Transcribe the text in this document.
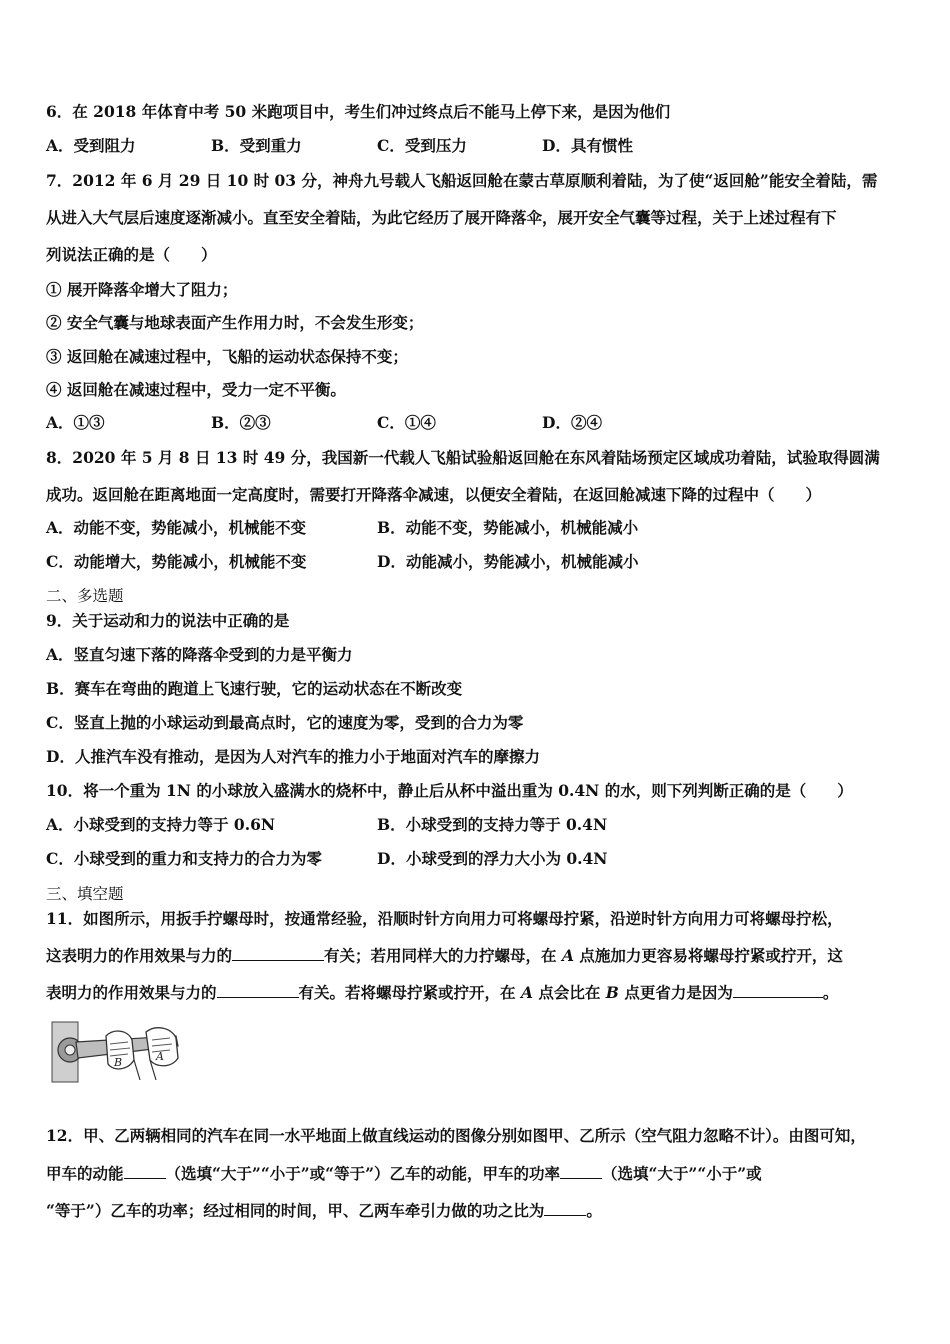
6．在 2018 年体育中考 50 米跑项目中，考生们冲过终点后不能马上停下来，是因为他们
A．受到阻力	B．受到重力	C．受到压力	D．具有惯性
7．2012 年 6 月 29 日 10 时 03 分，神舟九号载人飞船返回舱在蒙古草原顺利着陆，为了使“返回舱”能安全着陆，需
从进入大气层后速度逐渐减小。直至安全着陆，为此它经历了展开降落伞，展开安全气囊等过程，关于上述过程有下
列说法正确的是（　　）
① 展开降落伞增大了阻力；
② 安全气囊与地球表面产生作用力时，不会发生形变；
③ 返回舱在减速过程中，飞船的运动状态保持不变；
④ 返回舱在减速过程中，受力一定不平衡。
A．①③	B．②③	C．①④	D．②④
8．2020 年 5 月 8 日 13 时 49 分，我国新一代载人飞船试验船返回舱在东风着陆场预定区域成功着陆，试验取得圆满
成功。返回舱在距离地面一定高度时，需要打开降落伞减速，以便安全着陆，在返回舱减速下降的过程中（　　）
A．动能不变，势能减小，机械能不变	B．动能不变，势能减小，机械能减小
C．动能增大，势能减小，机械能不变	D．动能减小，势能减小，机械能减小
二、多选题
9．关于运动和力的说法中正确的是
A．竖直匀速下落的降落伞受到的力是平衡力
B．赛车在弯曲的跑道上飞速行驶，它的运动状态在不断改变
C．竖直上抛的小球运动到最高点时，它的速度为零，受到的合力为零
D．人推汽车没有推动，是因为人对汽车的推力小于地面对汽车的摩擦力
10．将一个重为 1N 的小球放入盛满水的烧杯中，静止后从杯中溢出重为 0.4N 的水，则下列判断正确的是（　　）
A．小球受到的支持力等于 0.6N	B．小球受到的支持力等于 0.4N
C．小球受到的重力和支持力的合力为零	D．小球受到的浮力大小为 0.4N
三、填空题
11．如图所示，用扳手拧螺母时，按通常经验，沿顺时针方向用力可将螺母拧紧，沿逆时针方向用力可将螺母拧松，
这表明力的作用效果与力的	有关；若用同样大的力拧螺母，在 A 点施加力更容易将螺母拧紧或拧开，这
表明力的作用效果与力的	有关。若将螺母拧紧或拧开，在 A 点会比在 B 点更省力是因为	。
B	A
12．甲、乙两辆相同的汽车在同一水平地面上做直线运动的图像分别如图甲、乙所示（空气阻力忽略不计）。由图可知，
甲车的动能	（选填“大于”“小于”或“等于”）乙车的动能，甲车的功率	（选填“大于”“小于”或
“等于”）乙车的功率；经过相同的时间，甲、乙两车牵引力做的功之比为	。
